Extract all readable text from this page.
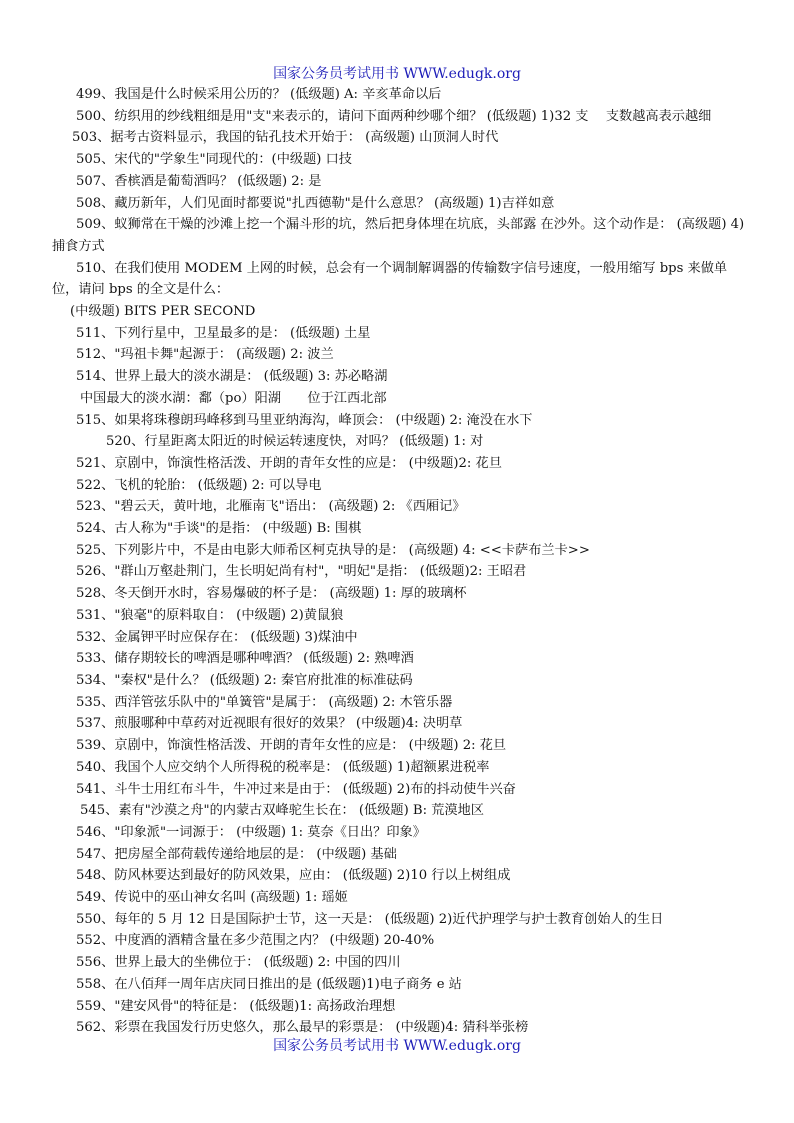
国家公务员考试用书 WWW.edugk.org

499、我国是什么时候采用公历的？ (低级题) A: 辛亥革命以后

500、纺织用的纱线粗细是用"支"来表示的，请问下面两种纱哪个细？ (低级题) 1)32 支　 支数越高表示越细

503、据考古资料显示，我国的钻孔技术开始于： (高级题) 山顶洞人时代

505、宋代的"学象生"同现代的：(中级题) 口技

507、香槟酒是葡萄酒吗？ (低级题) 2: 是

508、藏历新年，人们见面时都要说"扎西德勒"是什么意思？ (高级题) 1)吉祥如意

509、蚁狮常在干燥的沙滩上挖一个漏斗形的坑，然后把身体埋在坑底，头部露 在沙外。这个动作是： (高级题) 4)捕食方式

510、在我们使用 MODEM 上网的时候，总会有一个调制解调器的传输数字信号速度，一般用缩写 bps 来做单位，请问 bps 的全文是什么：

(中级题) BITS PER SECOND

511、下列行星中，卫星最多的是： (低级题) 土星

512、"玛祖卡舞"起源于： (高级题) 2: 波兰

514、世界上最大的淡水湖是： (低级题) 3: 苏必略湖

中国最大的淡水湖：鄱（po）阳湖　　位于江西北部

515、如果将珠穆朗玛峰移到马里亚纳海沟，峰顶会： (中级题) 2: 淹没在水下

520、行星距离太阳近的时候运转速度快，对吗？ (低级题) 1: 对

521、京剧中，饰演性格活泼、开朗的青年女性的应是： (中级题)2: 花旦

522、飞机的轮胎： (低级题) 2: 可以导电

523、"碧云天，黄叶地，北雁南飞"语出： (高级题) 2: 《西厢记》

524、古人称为"手谈"的是指： (中级题) B: 围棋

525、下列影片中，不是由电影大师希区柯克执导的是： (高级题) 4: <<卡萨布兰卡>>

526、"群山万壑赴荆门，生长明妃尚有村"，"明妃"是指： (低级题)2: 王昭君

528、冬天倒开水时，容易爆破的杯子是： (高级题) 1: 厚的玻璃杯

531、"狼毫"的原料取自： (中级题) 2)黄鼠狼

532、金属钾平时应保存在： (低级题) 3)煤油中

533、储存期较长的啤酒是哪种啤酒？ (低级题) 2: 熟啤酒

534、"秦权"是什么？ (低级题) 2: 秦官府批准的标准砝码

535、西洋管弦乐队中的"单簧管"是属于： (高级题) 2: 木管乐器

537、煎服哪种中草药对近视眼有很好的效果？ (中级题)4: 决明草

539、京剧中，饰演性格活泼、开朗的青年女性的应是： (中级题) 2: 花旦

540、我国个人应交纳个人所得税的税率是： (低级题) 1)超额累进税率

541、斗牛士用红布斗牛，牛冲过来是由于： (低级题) 2)布的抖动使牛兴奋

545、素有"沙漠之舟"的内蒙古双峰驼生长在： (低级题) B: 荒漠地区

546、"印象派"一词源于： (中级题) 1: 莫奈《日出？印象》

547、把房屋全部荷载传递给地层的是： (中级题) 基础

548、防风林要达到最好的防风效果，应由： (低级题) 2)10 行以上树组成

549、传说中的巫山神女名叫 (高级题) 1: 瑶姬

550、每年的 5 月 12 日是国际护士节，这一天是： (低级题) 2)近代护理学与护士教育创始人的生日

552、中度酒的酒精含量在多少范围之内？ (中级题) 20-40%

556、世界上最大的坐佛位于： (低级题) 2: 中国的四川

558、在八佰拜一周年店庆同日推出的是 (低级题)1)电子商务 e 站

559、"建安风骨"的特征是： (低级题)1: 高扬政治理想

562、彩票在我国发行历史悠久，那么最早的彩票是： (中级题)4: 猜科举张榜

国家公务员考试用书 WWW.edugk.org
